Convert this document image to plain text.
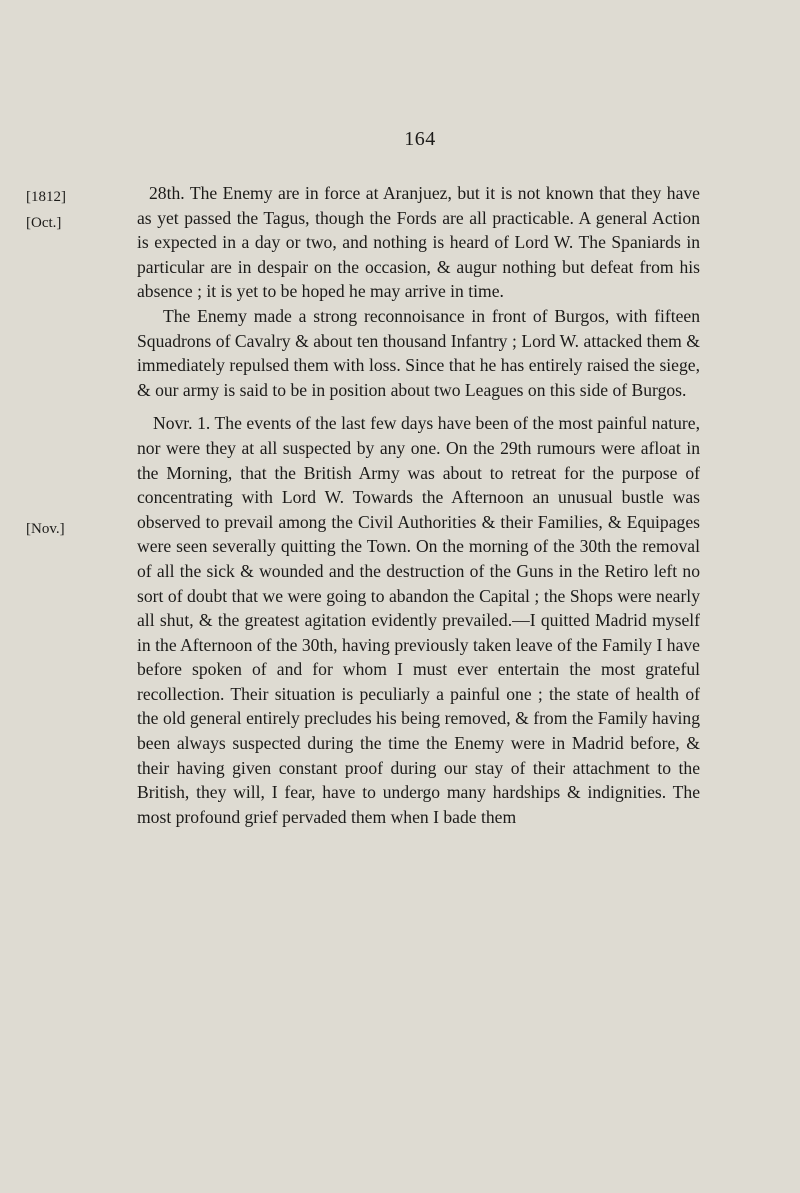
164
[1812]
[Oct.]
[Nov.]

28th. The Enemy are in force at Aranjuez, but it is not known that they have as yet passed the Tagus, though the Fords are all practicable. A general Action is expected in a day or two, and nothing is heard of Lord W. The Spaniards in particular are in despair on the occasion, & augur nothing but defeat from his absence ; it is yet to be hoped he may arrive in time.

The Enemy made a strong reconnoisance in front of Burgos, with fifteen Squadrons of Cavalry & about ten thousand Infantry ; Lord W. attacked them & immediately repulsed them with loss. Since that he has entirely raised the siege, & our army is said to be in position about two Leagues on this side of Burgos.

Novr. 1. The events of the last few days have been of the most painful nature, nor were they at all suspected by any one. On the 29th rumours were afloat in the Morning, that the British Army was about to retreat for the purpose of concentrating with Lord W. Towards the Afternoon an unusual bustle was observed to prevail among the Civil Authorities & their Families, & Equipages were seen severally quitting the Town. On the morning of the 30th the removal of all the sick & wounded and the destruction of the Guns in the Retiro left no sort of doubt that we were going to abandon the Capital ; the Shops were nearly all shut, & the greatest agitation evidently prevailed.—I quitted Madrid myself in the Afternoon of the 30th, having previously taken leave of the Family I have before spoken of and for whom I must ever entertain the most grateful recollection. Their situation is peculiarly a painful one ; the state of health of the old general entirely precludes his being removed, & from the Family having been always suspected during the time the Enemy were in Madrid before, & their having given constant proof during our stay of their attachment to the British, they will, I fear, have to undergo many hardships & indignities. The most profound grief pervaded them when I bade them
